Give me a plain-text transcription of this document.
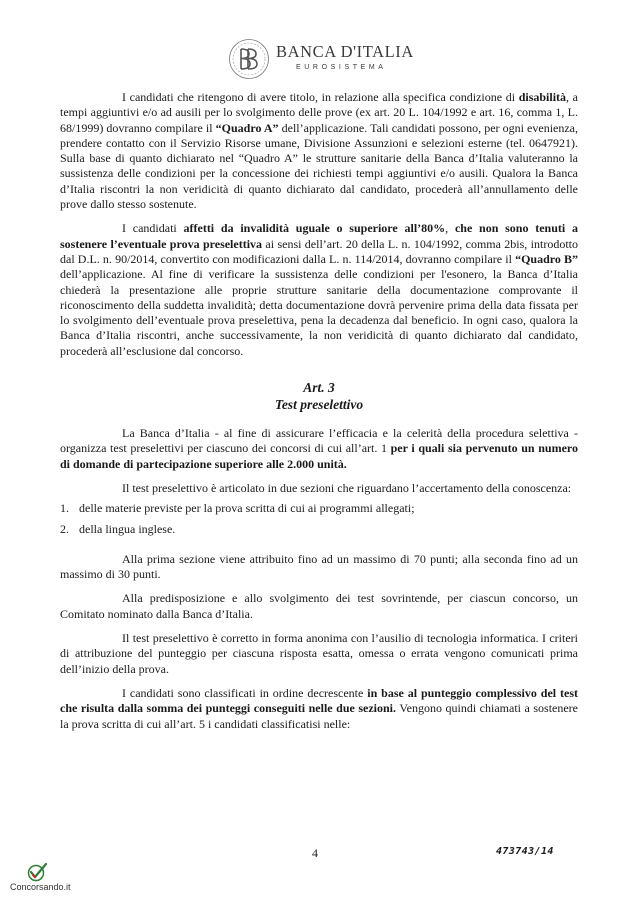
BANCA D'ITALIA
EUROSISTEMA

I candidati che ritengono di avere titolo, in relazione alla specifica condizione di disabilità, a tempi aggiuntivi e/o ad ausili per lo svolgimento delle prove (ex art. 20 L. 104/1992 e art. 16, comma 1, L. 68/1999) dovranno compilare il “Quadro A” dell’applicazione. Tali candidati possono, per ogni evenienza, prendere contatto con il Servizio Risorse umane, Divisione Assunzioni e selezioni esterne (tel. 0647921). Sulla base di quanto dichiarato nel “Quadro A” le strutture sanitarie della Banca d’Italia valuteranno la sussistenza delle condizioni per la concessione dei richiesti tempi aggiuntivi e/o ausili. Qualora la Banca d’Italia riscontri la non veridicità di quanto dichiarato dal candidato, procederà all’annullamento delle prove dallo stesso sostenute.

I candidati affetti da invalidità uguale o superiore all’80%, che non sono tenuti a sostenere l’eventuale prova preselettiva ai sensi dell’art. 20 della L. n. 104/1992, comma 2bis, introdotto dal D.L. n. 90/2014, convertito con modificazioni dalla L. n. 114/2014, dovranno compilare il “Quadro B” dell’applicazione. Al fine di verificare la sussistenza delle condizioni per l'esonero, la Banca d’Italia chiederà la presentazione alle proprie strutture sanitarie della documentazione comprovante il riconoscimento della suddetta invalidità; detta documentazione dovrà pervenire prima della data fissata per lo svolgimento dell’eventuale prova preselettiva, pena la decadenza dal beneficio. In ogni caso, qualora la Banca d’Italia riscontri, anche successivamente, la non veridicità di quanto dichiarato dal candidato, procederà all’esclusione dal concorso.

Art. 3
Test preselettivo

La Banca d’Italia - al fine di assicurare l’efficacia e la celerità della procedura selettiva - organizza test preselettivi per ciascuno dei concorsi di cui all’art. 1 per i quali sia pervenuto un numero di domande di partecipazione superiore alle 2.000 unità.

Il test preselettivo è articolato in due sezioni che riguardano l’accertamento della conoscenza:

1. delle materie previste per la prova scritta di cui ai programmi allegati;
2. della lingua inglese.

Alla prima sezione viene attribuito fino ad un massimo di 70 punti; alla seconda fino ad un massimo di 30 punti.

Alla predisposizione e allo svolgimento dei test sovrintende, per ciascun concorso, un Comitato nominato dalla Banca d’Italia.

Il test preselettivo è corretto in forma anonima con l’ausilio di tecnologia informatica. I criteri di attribuzione del punteggio per ciascuna risposta esatta, omessa o errata vengono comunicati prima dell’inizio della prova.

I candidati sono classificati in ordine decrescente in base al punteggio complessivo del test che risulta dalla somma dei punteggi conseguiti nelle due sezioni. Vengono quindi chiamati a sostenere la prova scritta di cui all’art. 5 i candidati classificatisi nelle:

4	473743/14
Concorsando.it
